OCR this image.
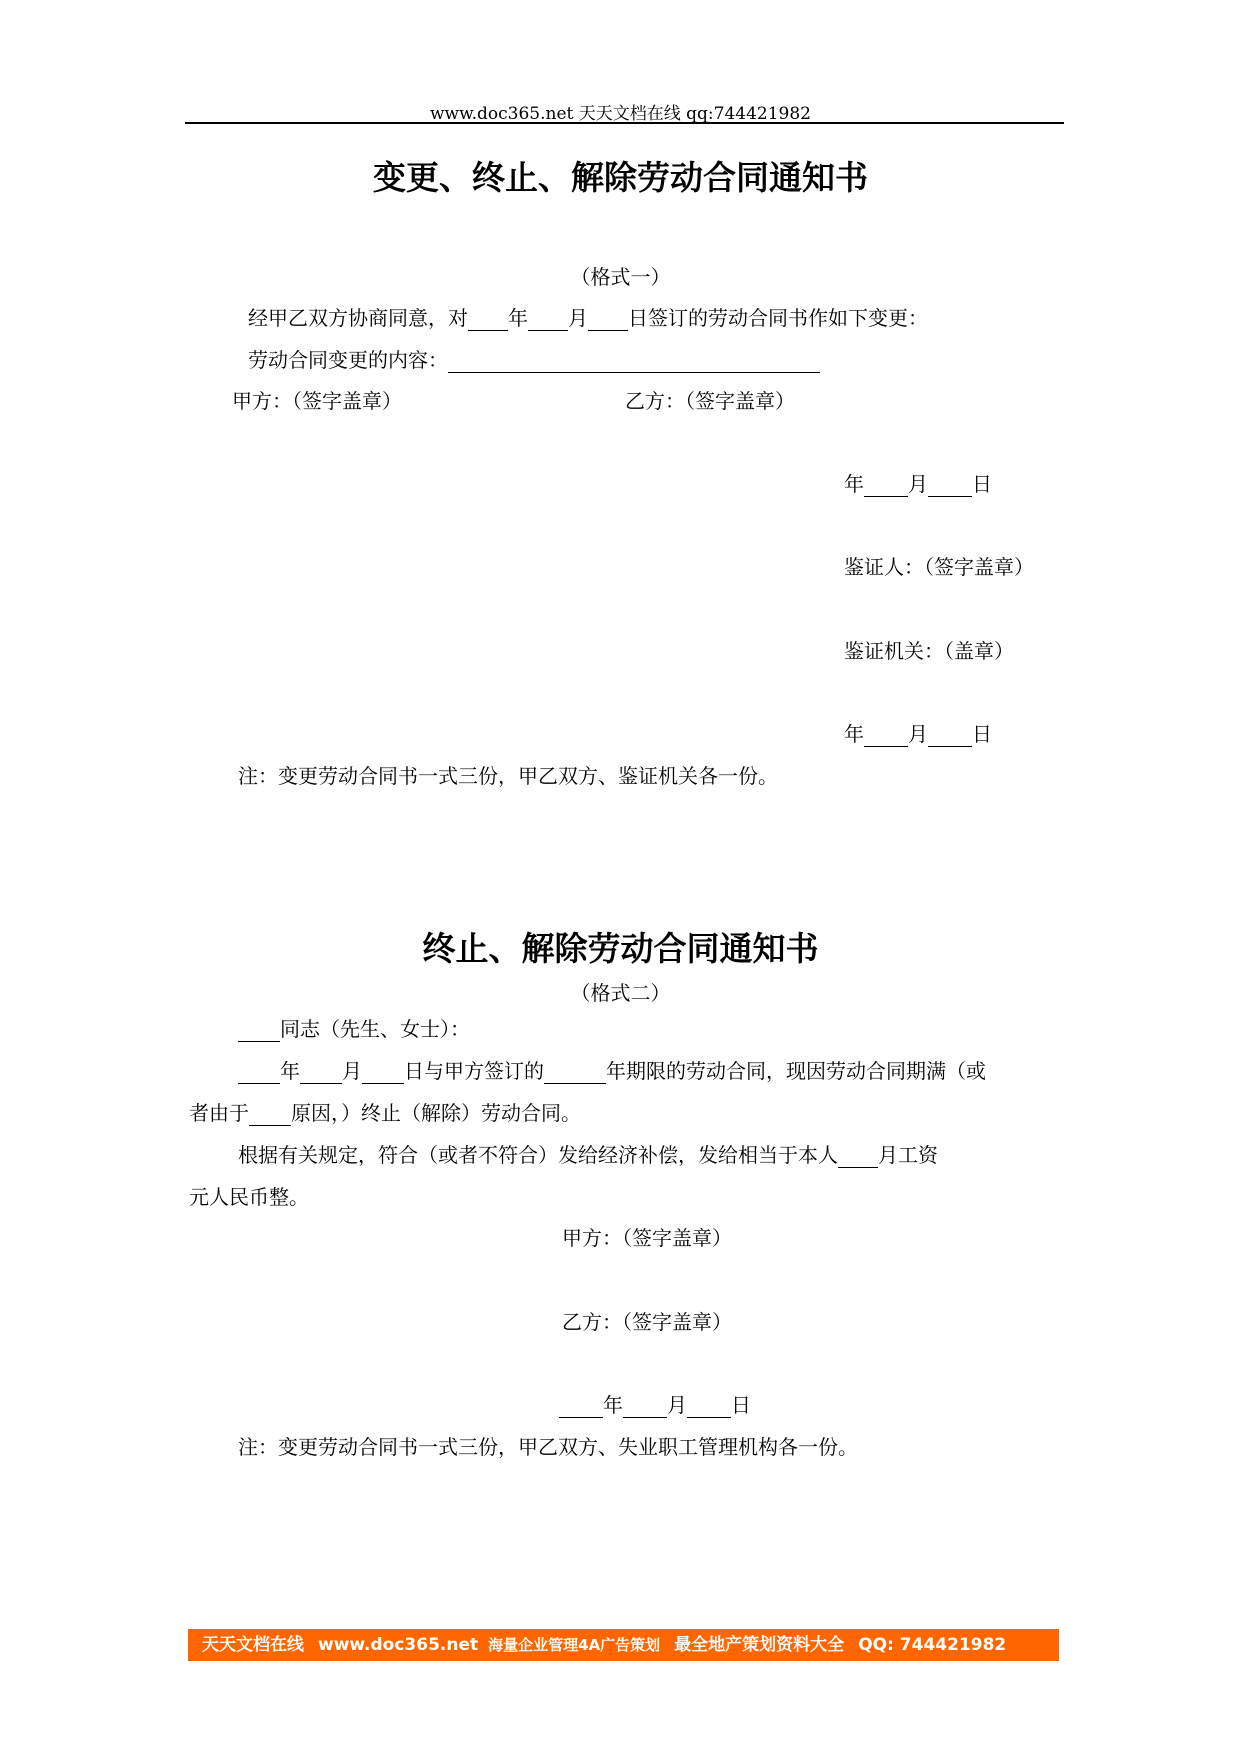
www.doc365.net 天天文档在线 qq:744421982
变更、终止、解除劳动合同通知书
（格式一）
经甲乙双方协商同意，对 年 月 日签订的劳动合同书作如下变更：
劳动合同变更的内容：
甲方：（签字盖章）	乙方：（签字盖章）
年 月 日
鉴证人：（签字盖章）
鉴证机关：（盖章）
年 月 日
注：变更劳动合同书一式三份，甲乙双方、鉴证机关各一份。
终止、解除劳动合同通知书
（格式二）
同志（先生、女士）：
年 月 日与甲方签订的	年期限的劳动合同，现因劳动合同期满（或
者由于 原因，）终止（解除）劳动合同。
根据有关规定，符合（或者不符合）发给经济补偿，发给相当于本人 月工资
元人民币整。
甲方：（签字盖章）
乙方：（签字盖章）
年 月 日
注：变更劳动合同书一式三份，甲乙双方、失业职工管理机构各一份。
天天文档在线 www.doc365.net 海量企业管理4A广告策划 最全地产策划资料大全 QQ: 744421982
